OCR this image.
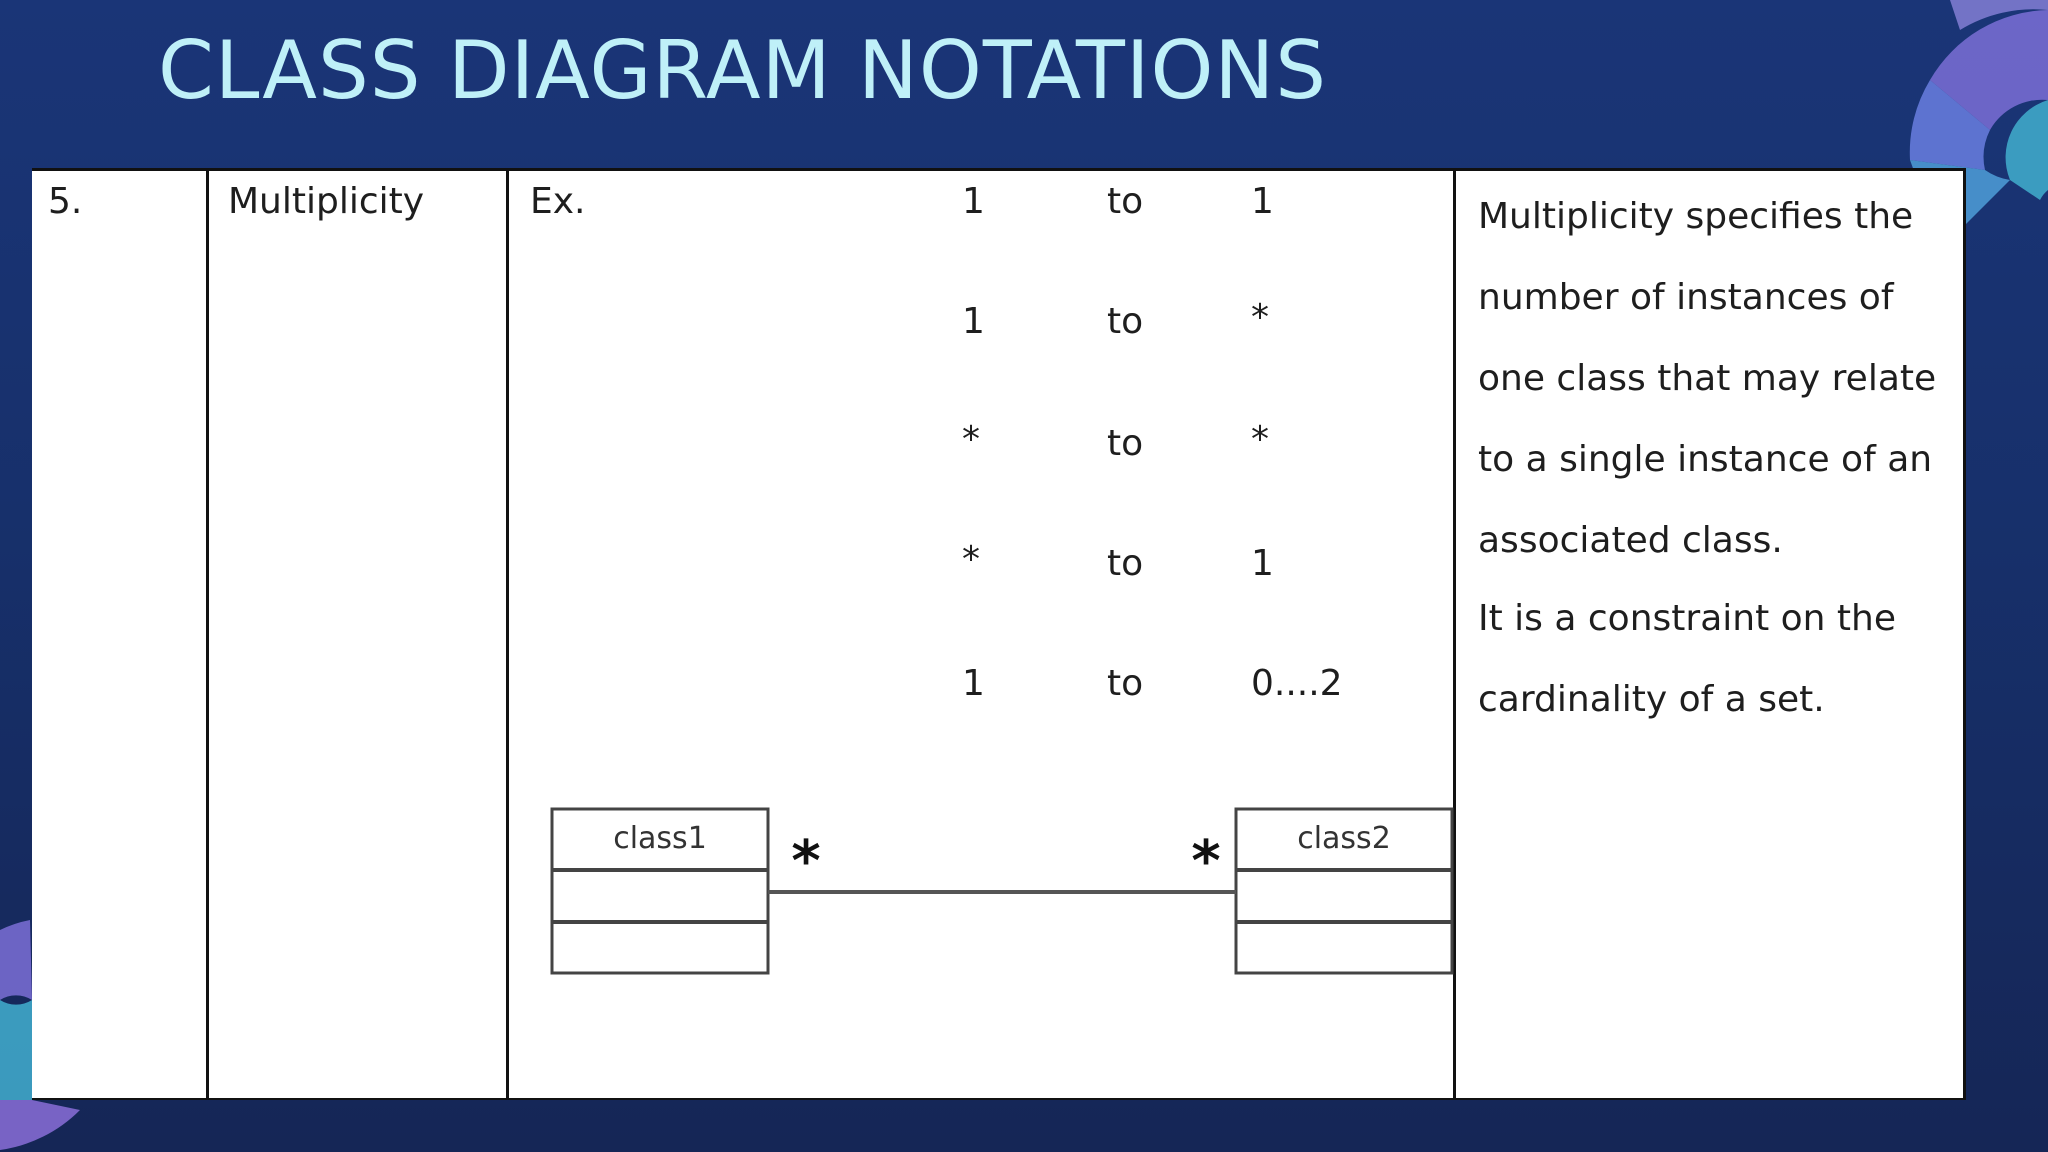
CLASS DIAGRAM NOTATIONS
5.	Multiplicity	Ex.	1	to	1
1	to	*
*	to	*
*	to	1
1	to	0....2
class1	class2
*	*

Multiplicity specifies the

number of instances of

one class that may relate

to a single instance of an

associated class.

It is a constraint on the

cardinality of a set.
